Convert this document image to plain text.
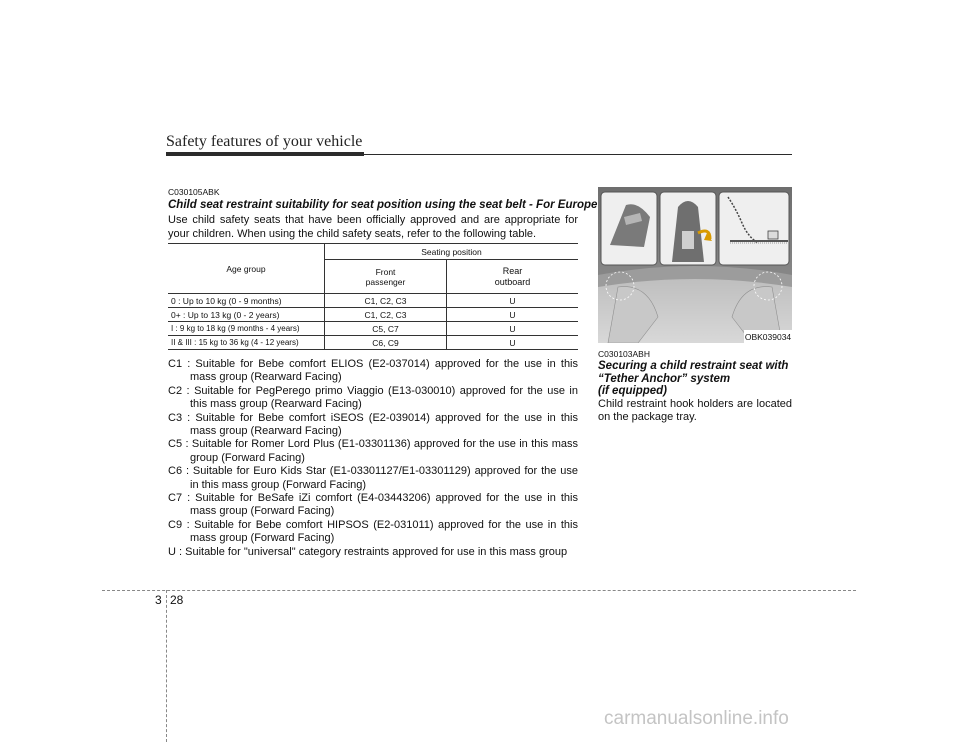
Safety features of your vehicle
C030105ABK
Child seat restraint suitability for seat position using the seat belt - For Europe
Use child safety seats that have been officially approved and are appropriate for your children. When using the child safety seats, refer to the following table.
Age group	Seating position	

	Front passenger	Rear outboard

0 : Up to 10 kg (0 - 9 months)	C1, C2, C3	U
0+ : Up to 13 kg (0 - 2 years)	C1, C2, C3	U
I : 9 kg to 18 kg (9 months - 4 years)	C5, C7	U
II & III : 15 kg to 36 kg (4 - 12 years)	C6, C9	U

C1 : Suitable for Bebe comfort ELIOS (E2-037014) approved for the use in this mass group (Rearward Facing)

C2 : Suitable for PegPerego primo Viaggio (E13-030010) approved for the use in this mass group (Rearward Facing)

C3 : Suitable for Bebe comfort iSEOS (E2-039014) approved for the use in this mass group (Rearward Facing)

C5 : Suitable for Romer Lord Plus (E1-03301136) approved for the use in this mass group (Forward Facing)

C6 : Suitable for Euro Kids Star (E1-03301127/E1-03301129) approved for the use in this mass group (Forward Facing)

C7 : Suitable for BeSafe iZi comfort (E4-03443206) approved for the use in this mass group (Forward Facing)

C9 : Suitable for Bebe comfort HIPSOS (E2-031011) approved for the use in this mass group (Forward Facing)

U : Suitable for "universal" category restraints approved for use in this mass group

OBK039034
C030103ABH
Securing a child restraint seat with
“Tether Anchor” system
(if equipped)
Child restraint hook holders are located on the package tray.
3 28
carmanualsonline.info
